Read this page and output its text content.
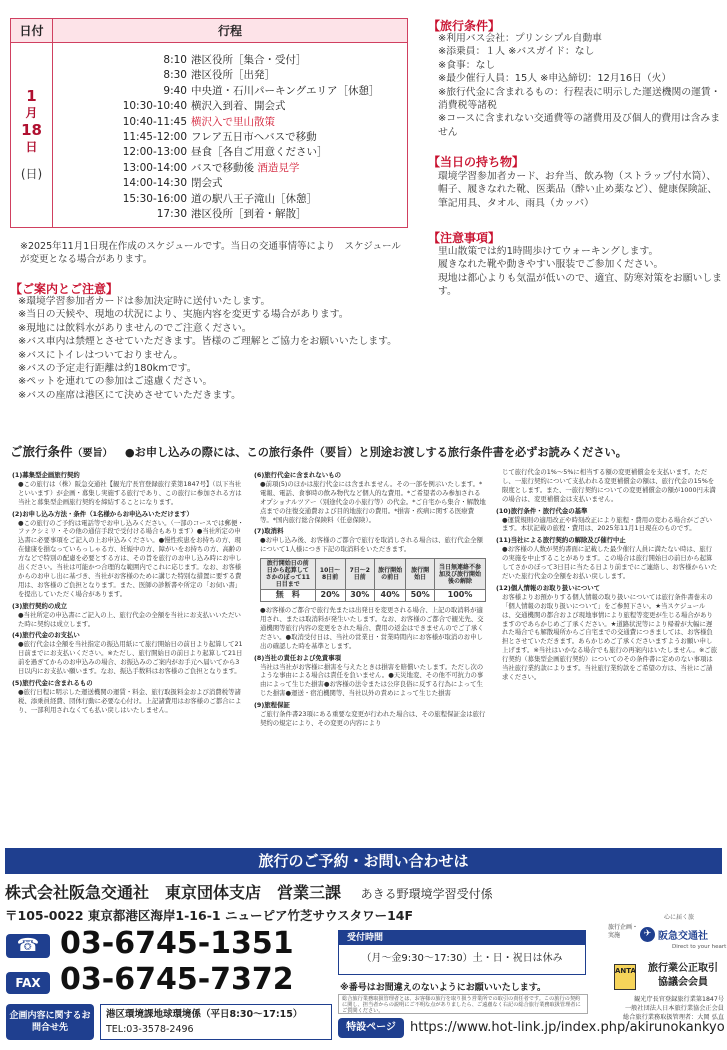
日付	行程
1
月
18
日
(日)
8:10 港区役所［集合・受付］
8:30 港区役所［出発］
9:40 中央道・石川パーキングエリア［休憩］
10:30-10:40 横沢入到着、開会式
10:40-11:45 横沢入で里山散策
11:45-12:00 フレア五日市へバスで移動
12:00-13:00 昼食［各自ご用意ください］
13:00-14:00 バスで移動後 酒造見学
14:00-14:30 閉会式
15:30-16:00 道の駅八王子滝山［休憩］
17:30 港区役所［到着・解散］
※2025年11月1日現在作成のスケジュールです。当日の交通事情等により　スケジュールが変更となる場合があります。
【旅行条件】
※利用バス会社：プリンシプル自動車
※添乗員：１人 ※バスガイド：なし
※食事：なし
※最少催行人員：15人 ※申込締切：12月16日（火）
※旅行代金に含まれるもの：行程表に明示した運送機関の運賃・消費税等諸税
※コースに含まれない交通費等の諸費用及び個人的費用は含みません
【当日の持ち物】
環境学習参加者カード、お弁当、飲み物（ストラップ付水筒）、帽子、履きなれた靴、医薬品（酔い止め薬など）、健康保険証、筆記用具、タオル、雨具（カッパ）
【注意事項】
里山散策では約1時間歩けてウォーキングします。
履きなれた靴や動きやすい服装でご参加ください。
現地は都心よりも気温が低いので、適宜、防寒対策をお願いします。
【ご案内とご注意】
※環境学習参加者カードは参加決定時に送付いたします。
※当日の天候や、現地の状況により、実施内容を変更する場合があります。
※現地には飲料水がありませんのでご注意ください。
※バス車内は禁煙とさせていただきます。皆様のご理解とご協力をお願いいたします。
※バスにトイレはついておりません。
※バスの予定走行距離は約180kmです。
※ペットを連れての参加はご遠慮ください。
※バスの座席は港区にて決めさせていただきます。
ご旅行条件（要旨） ●お申し込みの際には、この旅行条件（要旨）と別途お渡しする旅行条件書を必ずお読みください。
(1)募集型企画旅行契約

●この旅行は（株）阪急交通社【観光庁長官登録旅行業第1847号】（以下当社といいます）が企画・募集し実施する旅行であり、この旅行に参加される方は当社と募集型企画旅行契約を締結することになります。

(2)お申し込み方法・条件（1名様からお申込みいただけます）

●この旅行のご予約は電話等でお申し込みください。（一部のコースでは郵便・ファクシミリ・その他の通信手段で受付ける場合もあります）●当社所定の申込書に必要事項をご記入の上お申込みください。●慢性疾患をお持ちの方、現在健康を損なっていらっしゃる方、妊娠中の方、障がいをお持ちの方、高齢の方などで特別の配慮を必要とする方は、その旨を旅行のお申し込み時にお申し出ください。当社は可能かつ合理的な範囲内でこれに応じます。なお、お客様からのお申し出に基づき、当社がお客様のために講じた特別な措置に要する費用は、お客様のご負担となります。また、医師の診断書や所定の「お伺い書」を提出していただく場合があります。

(3)旅行契約の成立

●当社所定の申込書にご記入の上、旅行代金の全額を当社にお支払いいただいた時に契約は成立します。

(4)旅行代金のお支払い

●旅行代金は全額を当社指定の振込用紙にて旅行開始日の前日より起算して21日前までにお支払いください。※ただし、旅行開始日の前日より起算して21日前を過ぎてからのお申込みの場合、お振込みのご案内がお手元へ届いてから3日以内にお支払い願います。なお、振込手数料はお客様のご負担となります。

(5)旅行代金に含まれるもの

●旅行日程に明示した運送機関の運賃・料金、旅行取扱料金および消費税等諸税、添乗員経費、団体行動に必要な心付け。上記諸費用はお客様のご都合により、一部利用されなくても払い戻しはいたしません。

(6)旅行代金に含まれないもの

●前項(5)のほかは旅行代金には含まれません。その一部を例示いたします。*電報、電話、食事時の飲み物代など個人的な費用。*ご希望者のみ参加されるオプショナルツアー（別途代金の小旅行等）の代金。*ご自宅から集合・解散地点までの往復交通費および目的地旅行の費用。*損害・疾病に関する医療費等。*国内旅行総合保険料（任意保険）。

(7)取消料

●お申し込み後、お客様のご都合で旅行を取消しされる場合は、旅行代金全額について1人様につき下記の取消料をいただきます。

旅行開始日の前日から起算してさかのぼって11日目まで	10日〜8日前	7日〜2日前	旅行開始の前日	旅行開始日	当日無連絡不参加及び旅行開始後の解除
無　料	20%	30%	40%	50%	100%

●お客様のご都合で旅行先または出発日を変更される場合、上記の取消料が適用され、または取消料が発生いたします。なお、お客様のご都合で観光先、交通機関等旅行内容の変更をされた場合、費用の返金はできませんのでご了承ください。●取消受付日は、当社の営業日・営業時間内にお客様が取消のお申し出の確認した時を基準とします。

(8)当社の責任および免責事項

当社は当社がお客様に損害を与えたときは損害を賠償いたします。ただし次のような事由による場合は責任を負いません。●天災地変、その他不可抗力の事由によって生じた損害●お客様の法令または公序良俗に反する行為によって生じた損害●運送・宿泊機関等、当社以外の責めによって生じた損害

(9)旅程保証

ご旅行条件書23項にある重要な変更が行われた場合は、その旅程保証金は旅行契約の規定により、その変更の内容により

じて旅行代金の1%〜5%に相当する額の変更補償金を支払います。ただし、一旅行契約について支払われる変更補償金の額は、旅行代金の15%を限度とします。また、一旅行契約についての変更補償金の額が1000円未満の場合は、変更補償金は支払いません。

(10)旅行条件・旅行代金の基準

●運賃規則の適用改正や時刻改正により旅程・費用の変わる場合がございます。本状記載の旅程・費用は、2025年11月1日現在のものです。

(11)当社による旅行契約の解除及び催行中止

●お客様の人数が契約書面に記載した最少催行人員に満たない時は、旅行の実施を中止することがあります。この場合は旅行開始日の前日から起算してさかのぼって3日目に当たる日より前までにご連絡し、お客様からいただいた旅行代金の全額をお払い戻しします。

(12)個人情報のお取り扱いについて

お客様よりお預かりする個人情報の取り扱いについては旅行条件書巻末の「個人情報のお取り扱いについて」をご参照下さい。★当スケジュールは、交通機関の都合および現地事情により旅程等変更が生じる場合がありますのであらかじめご了承ください。★道路状況等により帰着が大幅に遅れた場合でも解散場所からご自宅までの交通費につきましては、お客様負担とさせていただきます。あらかじめご了承くださいますようお願い申し上げます。※当社はいかなる場合でも旅行の再案内はいたしません。※ご旅行契約（募集型企画旅行契約）についてのその条件書に定めのない事項は当社旅行業約款によります。当社旅行業約款をご希望の方は、当社にご請求ください。

旅行のご予約・お問い合わせは
株式会社阪急交通社　東京団体支店　営業三課 あきる野環境学習受付係
〒105-0022 東京都港区海岸1-16-1 ニューピア竹芝サウスタワー14F
☎ 03-6745-1351
FAX 03-6745-7372
企画内容に関するお問合せ先
港区環境課地球環境係（平日8:30〜17:15）
TEL:03-3578-2496
受付時間
（月〜金9:30〜17:30）土・日・祝日は休み
※番号はお間違えのないようにお願いいたします。
総合旅行業務取扱管理者とは、お客様の旅行を取り扱う営業所での取引の責任者です。この旅行の契約に関し、担当者からの説明にご不明な点がありましたら、ご遠慮なく右記の総合旅行業務取扱管理者にご質問ください。
特設ページ	https://www.hot-link.jp/index.php/akirunokankyo
心に届く旅
旅行企画・実施	✈ 阪急交通社
Direct to your heart
ANTA	旅行業公正取引
協議会会員
観光庁長官登録旅行業第1847号
一般社団法人日本旅行業協会正会員
総合旅行業務取扱管理者：大岡 弘直
